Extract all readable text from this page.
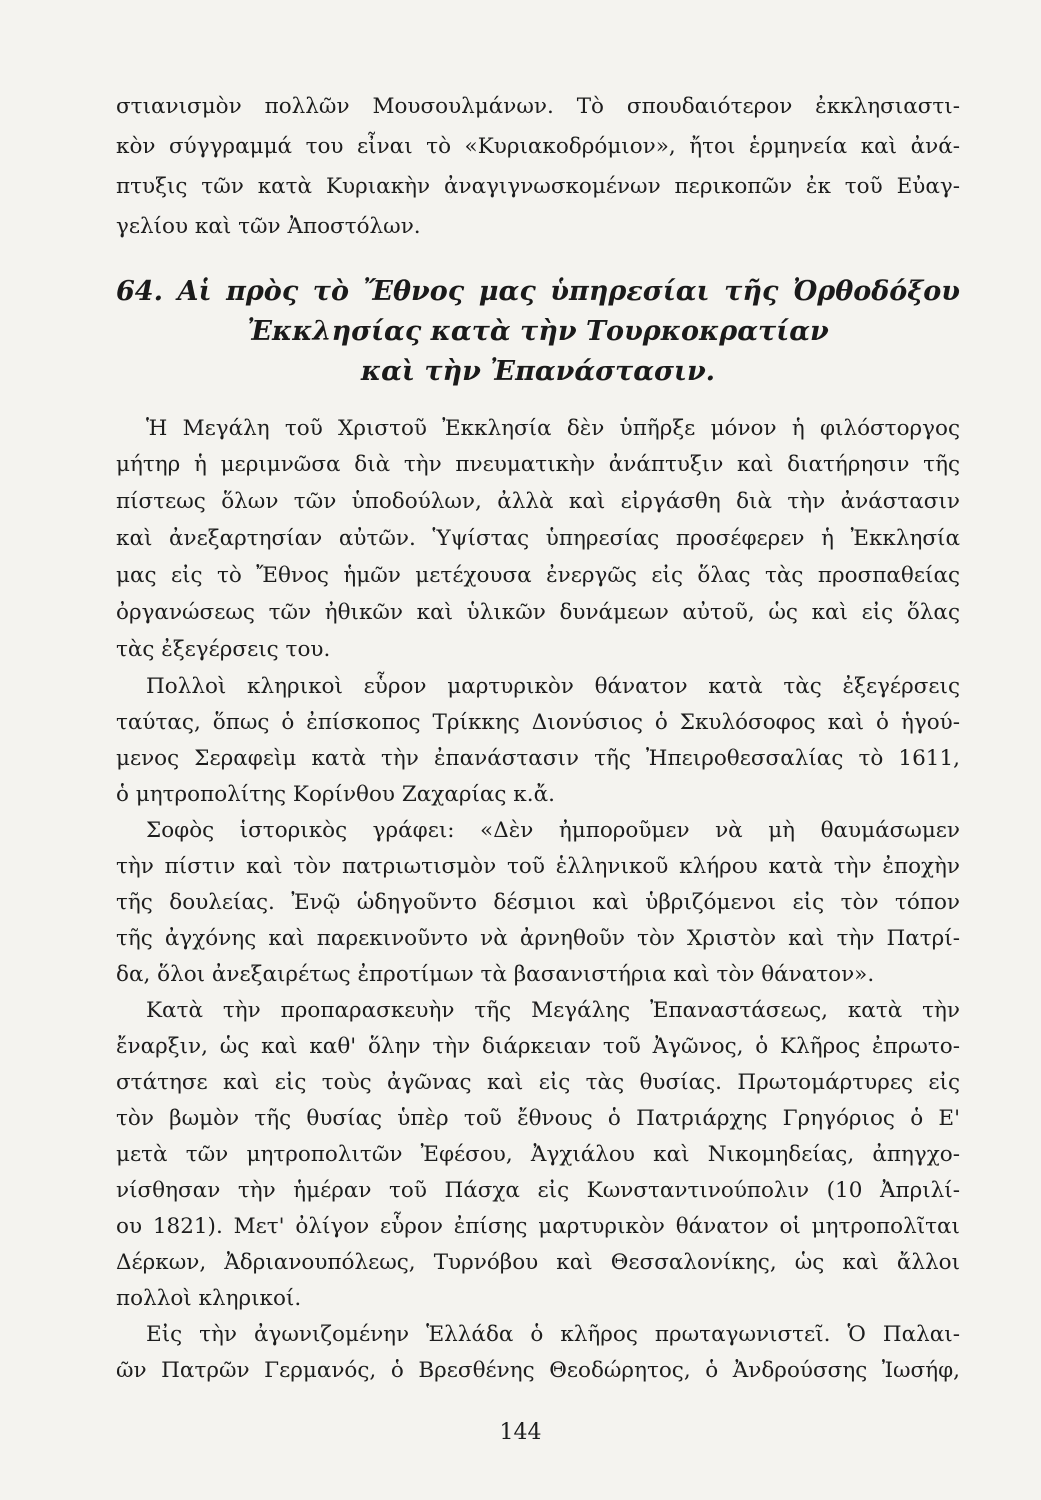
στιανισμὸν πολλῶν Μουσουλμάνων. Τὸ σπουδαιότερον ἐκκλησιαστι-
κὸν σύγγραμμά του εἶναι τὸ «Κυριακοδρόμιον», ἤτοι ἑρμηνεία καὶ ἀνά-
πτυξις τῶν κατὰ Κυριακὴν ἀναγιγνωσκομένων περικοπῶν ἐκ τοῦ Εὐαγ-
γελίου καὶ τῶν Ἀποστόλων.
64. Αἱ πρὸς τὸ Ἔθνος μας ὑπηρεσίαι τῆς Ὀρθοδόξου
Ἐκκλησίας κατὰ τὴν Τουρκοκρατίαν
καὶ τὴν Ἐπανάστασιν.
Ἡ Μεγάλη τοῦ Χριστοῦ Ἐκκλησία δὲν ὑπῆρξε μόνον ἡ φιλόστοργος
μήτηρ ἡ μεριμνῶσα διὰ τὴν πνευματικὴν ἀνάπτυξιν καὶ διατήρησιν τῆς
πίστεως ὅλων τῶν ὑποδούλων, ἀλλὰ καὶ εἰργάσθη διὰ τὴν ἀνάστασιν
καὶ ἀνεξαρτησίαν αὐτῶν. Ὑψίστας ὑπηρεσίας προσέφερεν ἡ Ἐκκλησία
μας εἰς τὸ Ἔθνος ἡμῶν μετέχουσα ἐνεργῶς εἰς ὅλας τὰς προσπαθείας
ὀργανώσεως τῶν ἠθικῶν καὶ ὑλικῶν δυνάμεων αὐτοῦ, ὡς καὶ εἰς ὅλας
τὰς ἐξεγέρσεις του.
Πολλοὶ κληρικοὶ εὗρον μαρτυρικὸν θάνατον κατὰ τὰς ἐξεγέρσεις
ταύτας, ὅπως ὁ ἐπίσκοπος Τρίκκης Διονύσιος ὁ Σκυλόσοφος καὶ ὁ ἡγού-
μενος Σεραφεὶμ κατὰ τὴν ἐπανάστασιν τῆς Ἠπειροθεσσαλίας τὸ 1611,
ὁ μητροπολίτης Κορίνθου Ζαχαρίας κ.ἄ.
Σοφὸς ἱστορικὸς γράφει: «Δὲν ἠμποροῦμεν νὰ μὴ θαυμάσωμεν
τὴν πίστιν καὶ τὸν πατριωτισμὸν τοῦ ἑλληνικοῦ κλήρου κατὰ τὴν ἐποχὴν
τῆς δουλείας. Ἐνῷ ὡδηγοῦντο δέσμιοι καὶ ὑβριζόμενοι εἰς τὸν τόπον
τῆς ἀγχόνης καὶ παρεκινοῦντο νὰ ἀρνηθοῦν τὸν Χριστὸν καὶ τὴν Πατρί-
δα, ὅλοι ἀνεξαιρέτως ἐπροτίμων τὰ βασανιστήρια καὶ τὸν θάνατον».
Κατὰ τὴν προπαρασκευὴν τῆς Μεγάλης Ἐπαναστάσεως, κατὰ τὴν
ἔναρξιν, ὡς καὶ καθ' ὅλην τὴν διάρκειαν τοῦ Ἀγῶνος, ὁ Κλῆρος ἐπρωτο-
στάτησε καὶ εἰς τοὺς ἀγῶνας καὶ εἰς τὰς θυσίας. Πρωτομάρτυρες εἰς
τὸν βωμὸν τῆς θυσίας ὑπὲρ τοῦ ἔθνους ὁ Πατριάρχης Γρηγόριος ὁ Ε'
μετὰ τῶν μητροπολιτῶν Ἐφέσου, Ἀγχιάλου καὶ Νικομηδείας, ἀπηγχο-
νίσθησαν τὴν ἡμέραν τοῦ Πάσχα εἰς Κωνσταντινούπολιν (10 Ἀπριλί-
ου 1821). Μετ' ὀλίγον εὗρον ἐπίσης μαρτυρικὸν θάνατον οἱ μητροπολῖται
Δέρκων, Ἀδριανουπόλεως, Τυρνόβου καὶ Θεσσαλονίκης, ὡς καὶ ἄλλοι
πολλοὶ κληρικοί.
Εἰς τὴν ἀγωνιζομένην Ἑλλάδα ὁ κλῆρος πρωταγωνιστεῖ. Ὁ Παλαι-
ῶν Πατρῶν Γερμανός, ὁ Βρεσθένης Θεοδώρητος, ὁ Ἀνδρούσσης Ἰωσήφ,
144
